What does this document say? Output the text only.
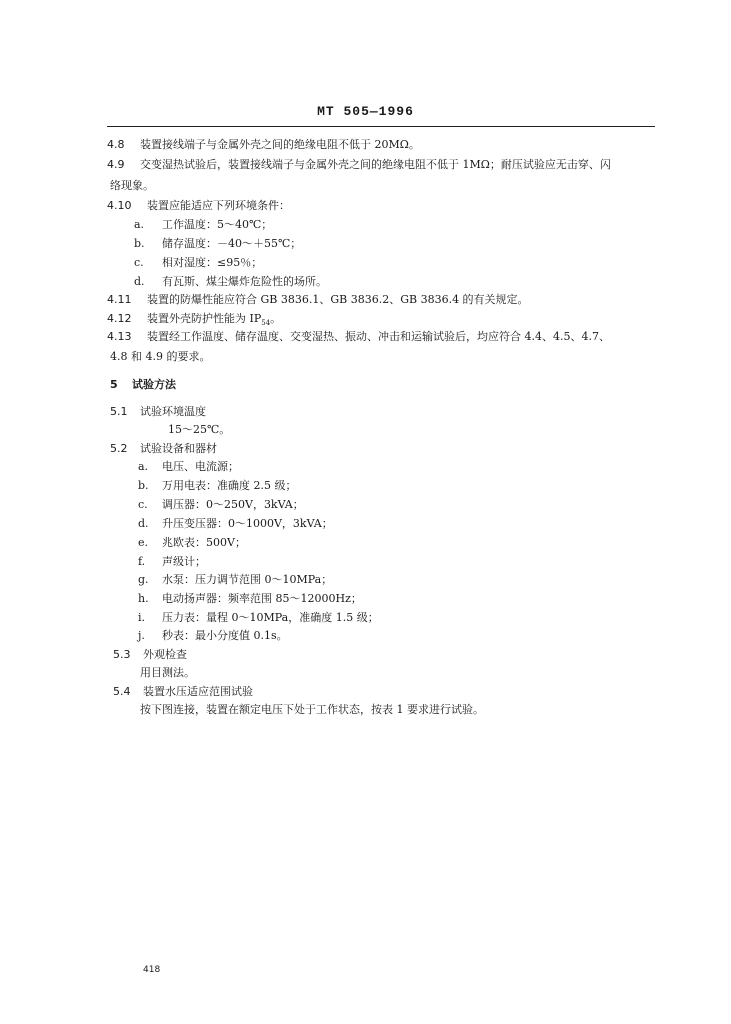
MT 505—1996
4.8 装置接线端子与金属外壳之间的绝缘电阻不低于 20MΩ。
4.9 交变湿热试验后，装置接线端子与金属外壳之间的绝缘电阻不低于 1MΩ；耐压试验应无击穿、闪
络现象。
4.10 装置应能适应下列环境条件：
a. 工作温度：5～40℃；
b. 储存温度：－40～＋55℃；
c. 相对湿度：≤95％；
d. 有瓦斯、煤尘爆炸危险性的场所。
4.11 装置的防爆性能应符合 GB 3836.1、GB 3836.2、GB 3836.4 的有关规定。
4.12 装置外壳防护性能为 $IP_{54}$。
4.13 装置经工作温度、储存温度、交变湿热、振动、冲击和运输试验后，均应符合 4.4、4.5、4.7、
4.8 和 4.9 的要求。
5 试验方法
5.1 试验环境温度
15～25℃。
5.2 试验设备和器材
a. 电压、电流源；
b. 万用电表：准确度 2.5 级；
c. 调压器：0～250V，3kVA；
d. 升压变压器：0～1000V，3kVA；
e. 兆欧表：500V；
f. 声级计；
g. 水泵：压力调节范围 0～10MPa；
h. 电动扬声器：频率范围 85～12000Hz；
i. 压力表：量程 0～10MPa，准确度 1.5 级；
j. 秒表：最小分度值 0.1s。
5.3 外观检查
用目测法。
5.4 装置水压适应范围试验
按下图连接，装置在额定电压下处于工作状态，按表 1 要求进行试验。
418
